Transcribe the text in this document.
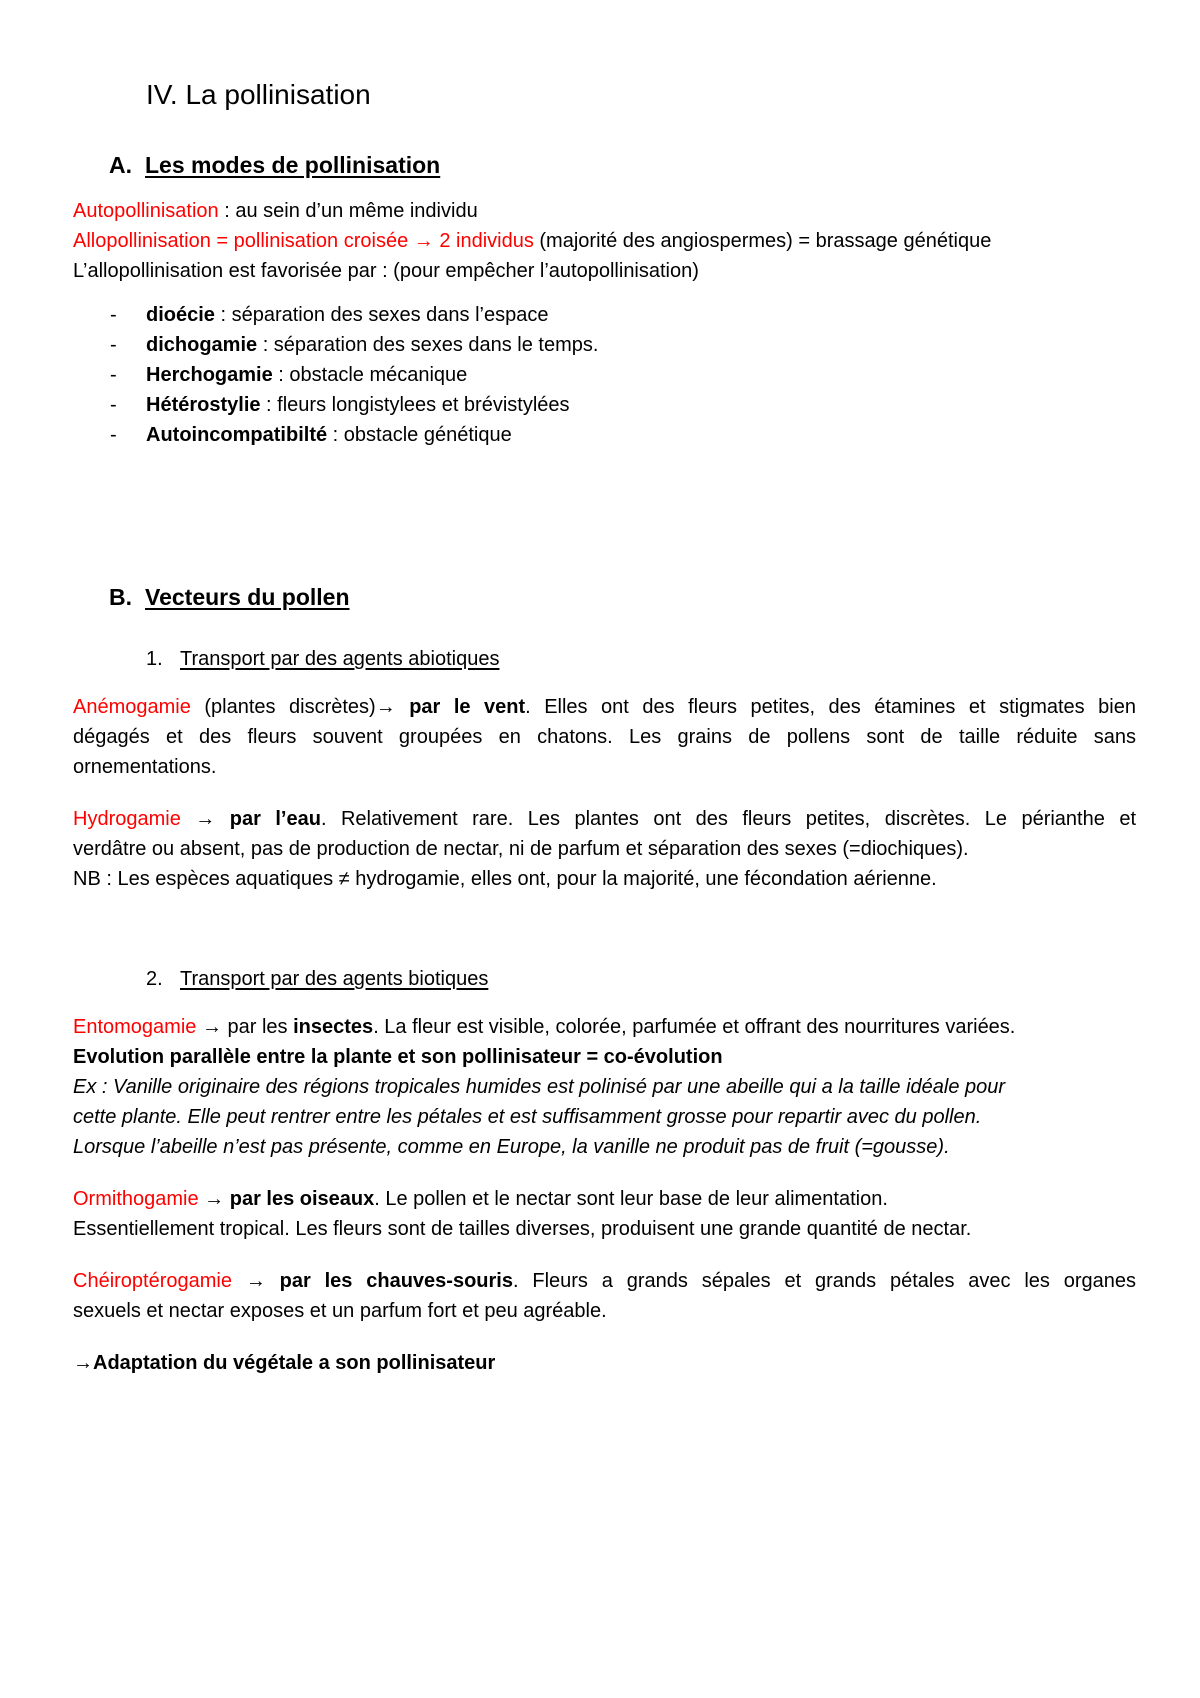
IV. La pollinisation
A. Les modes de pollinisation
Autopollinisation : au sein d’un même individu
Allopollinisation = pollinisation croisée → 2 individus (majorité des angiospermes) = brassage génétique
L’allopollinisation est favorisée par : (pour empêcher l’autopollinisation)
- dioécie : séparation des sexes dans l’espace
- dichogamie : séparation des sexes dans le temps.
- Herchogamie : obstacle mécanique
- Hétérostylie : fleurs longistylees et brévistylées
- Autoincompatibilté : obstacle génétique
B. Vecteurs du pollen
1. Transport par des agents abiotiques
Anémogamie (plantes discrètes)→ par le vent. Elles ont des fleurs petites, des étamines et stigmates bien
dégagés et des fleurs souvent groupées en chatons. Les grains de pollens sont de taille réduite sans
ornementations.
Hydrogamie → par l’eau. Relativement rare. Les plantes ont des fleurs petites, discrètes. Le périanthe et
verdâtre ou absent, pas de production de nectar, ni de parfum et séparation des sexes (=diochiques).
NB : Les espèces aquatiques ≠ hydrogamie, elles ont, pour la majorité, une fécondation aérienne.
2. Transport par des agents biotiques
Entomogamie → par les insectes. La fleur est visible, colorée, parfumée et offrant des nourritures variées.
Evolution parallèle entre la plante et son pollinisateur = co-évolution
Ex : Vanille originaire des régions tropicales humides est polinisé par une abeille qui a la taille idéale pour
cette plante. Elle peut rentrer entre les pétales et est suffisamment grosse pour repartir avec du pollen.
Lorsque l’abeille n’est pas présente, comme en Europe, la vanille ne produit pas de fruit (=gousse).
Ormithogamie → par les oiseaux. Le pollen et le nectar sont leur base de leur alimentation.
Essentiellement tropical. Les fleurs sont de tailles diverses, produisent une grande quantité de nectar.
Chéiroptérogamie → par les chauves-souris. Fleurs a grands sépales et grands pétales avec les organes
sexuels et nectar exposes et un parfum fort et peu agréable.
→Adaptation du végétale a son pollinisateur
